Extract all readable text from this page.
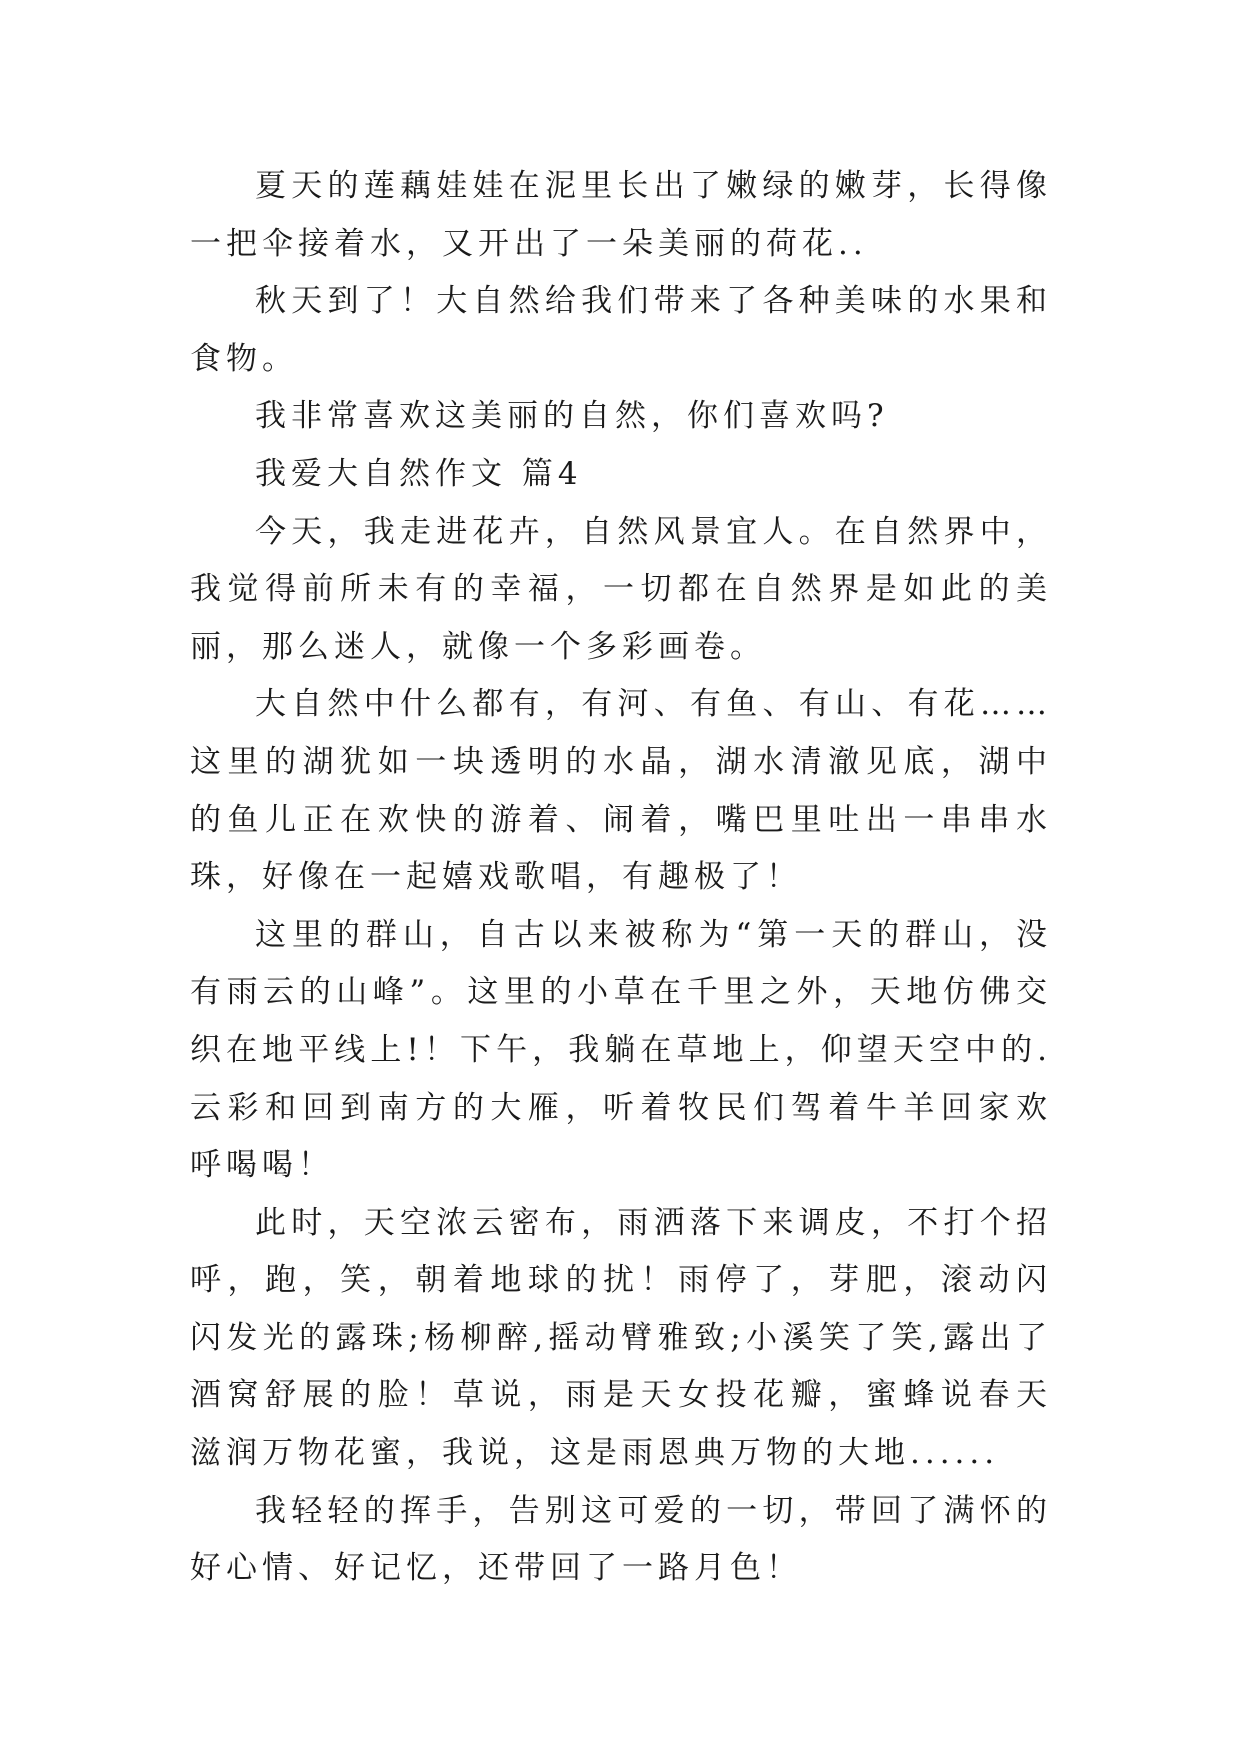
夏天的莲藕娃娃在泥里长出了嫩绿的嫩芽，长得像一把伞接着水，又开出了一朵美丽的荷花..

秋天到了！大自然给我们带来了各种美味的水果和食物。

我非常喜欢这美丽的自然，你们喜欢吗?

我爱大自然作文 篇4

今天，我走进花卉，自然风景宜人。在自然界中，我觉得前所未有的幸福，一切都在自然界是如此的美丽，那么迷人，就像一个多彩画卷。

大自然中什么都有，有河、有鱼、有山、有花……这里的湖犹如一块透明的水晶，湖水清澈见底，湖中的鱼儿正在欢快的游着、闹着，嘴巴里吐出一串串水珠，好像在一起嬉戏歌唱，有趣极了！

这里的群山，自古以来被称为“第一天的群山，没有雨云的山峰”。这里的小草在千里之外，天地仿佛交织在地平线上!！下午，我躺在草地上，仰望天空中的.云彩和回到南方的大雁，听着牧民们驾着牛羊回家欢呼喝喝！

此时，天空浓云密布，雨洒落下来调皮，不打个招呼，跑，笑，朝着地球的扰！雨停了，芽肥，滚动闪闪发光的露珠;杨柳醉,摇动臂雅致;小溪笑了笑,露出了酒窝舒展的脸！草说，雨是天女投花瓣，蜜蜂说春天滋润万物花蜜，我说，这是雨恩典万物的大地......

我轻轻的挥手，告别这可爱的一切，带回了满怀的好心情、好记忆，还带回了一路月色！
